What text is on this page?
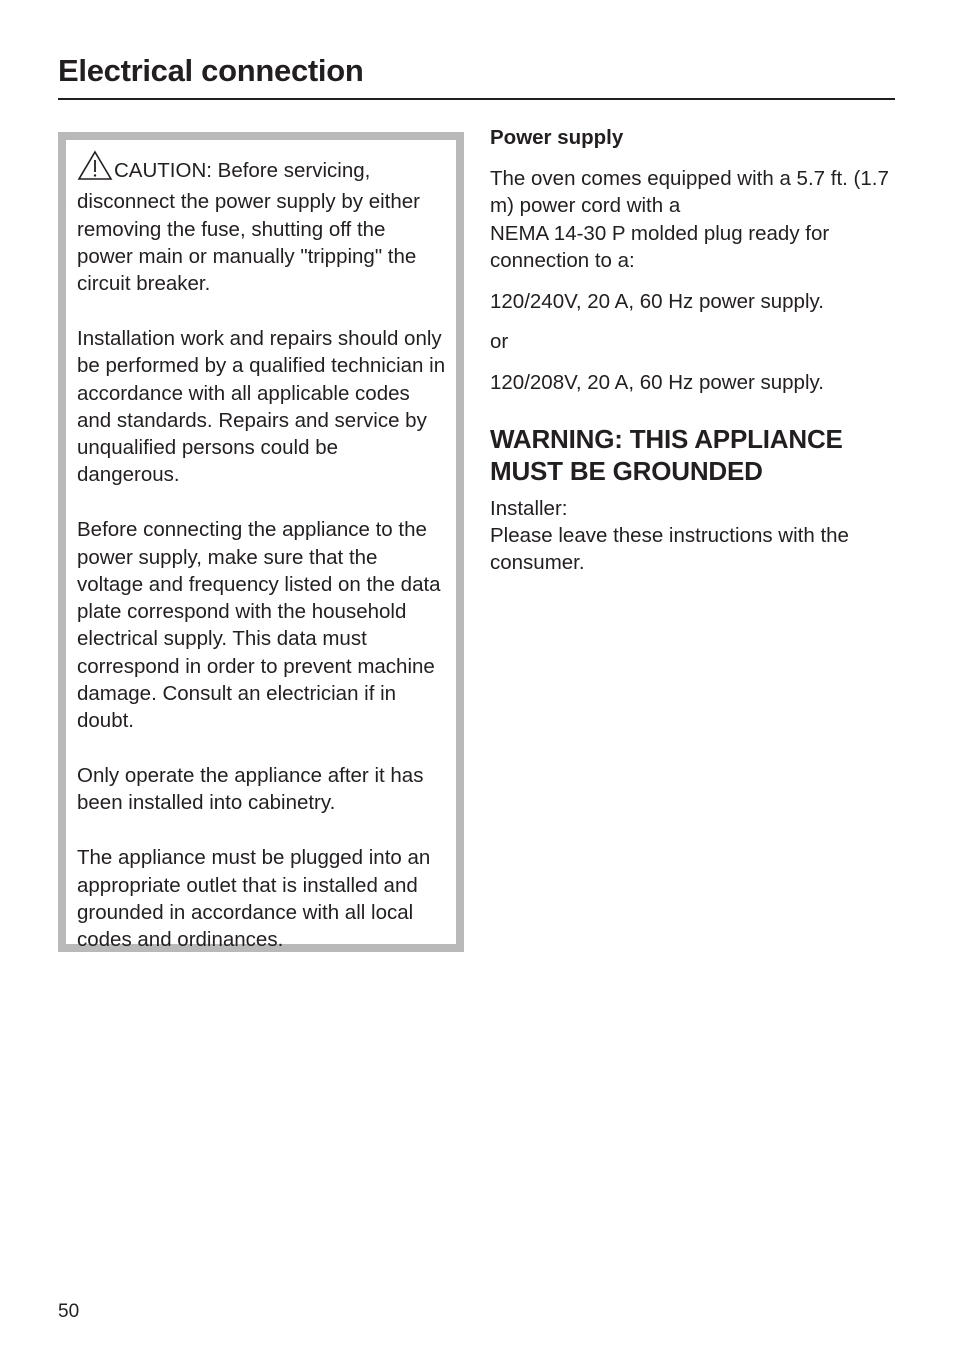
Electrical connection

CAUTION: Before servicing, disconnect the power supply by either removing the fuse, shutting off the power main or manually "tripping" the circuit breaker.

Installation work and repairs should only be performed by a qualified technician in accordance with all applicable codes and standards. Repairs and service by unqualified persons could be dangerous.

Before connecting the appliance to the power supply, make sure that the voltage and frequency listed on the data plate correspond with the household electrical supply. This data must correspond in order to prevent machine damage. Consult an electrician if in doubt.

Only operate the appliance after it has been installed into cabinetry.

The appliance must be plugged into an appropriate outlet that is installed and grounded in accordance with all local codes and ordinances.

Power supply

The oven comes equipped with a 5.7 ft. (1.7 m) power cord with a
NEMA 14-30 P molded plug ready for connection to a:

120/240V, 20 A, 60 Hz power supply.

or

120/208V, 20 A, 60 Hz power supply.

WARNING: THIS APPLIANCE MUST BE GROUNDED

Installer:
Please leave these instructions with the consumer.

50
